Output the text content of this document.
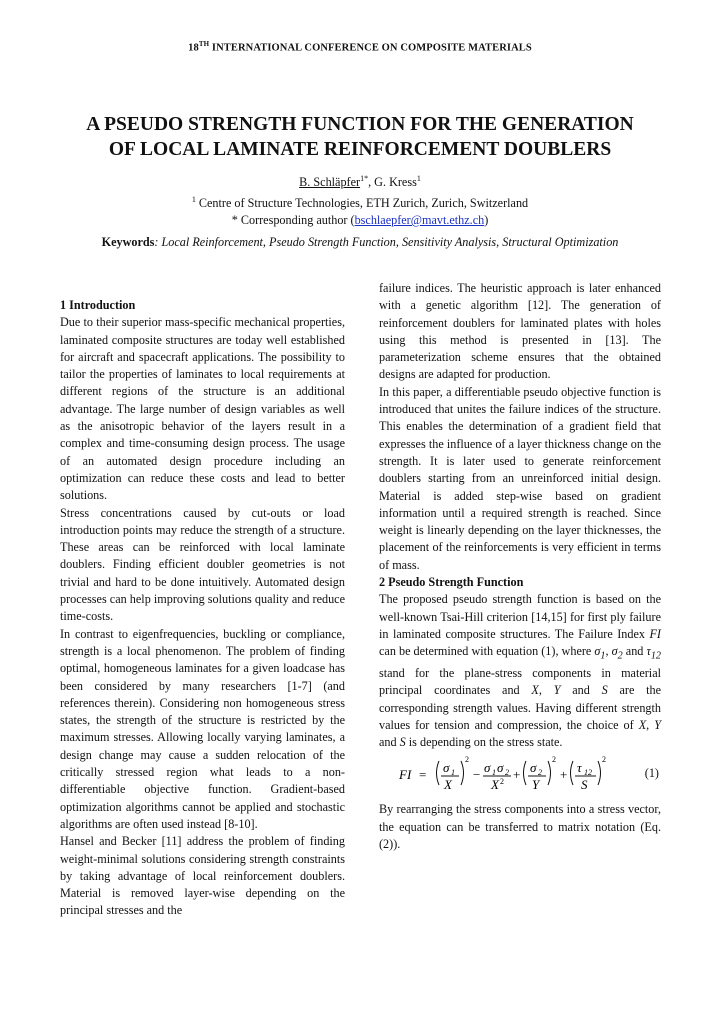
18TH INTERNATIONAL CONFERENCE ON COMPOSITE MATERIALS
A PSEUDO STRENGTH FUNCTION FOR THE GENERATION
OF LOCAL LAMINATE REINFORCEMENT DOUBLERS
B. Schläpfer$^{1*}$, G. Kress$^1$
$^1$ Centre of Structure Technologies, ETH Zurich, Zurich, Switzerland
* Corresponding author (bschlaepfer@mavt.ethz.ch)
Keywords: Local Reinforcement, Pseudo Strength Function, Sensitivity Analysis, Structural Optimization

1 Introduction

Due to their superior mass-specific mechanical properties, laminated composite structures are today well established for aircraft and spacecraft applications. The possibility to tailor the properties of laminates to local requirements at different regions of the structure is an additional advantage. The large number of design variables as well as the anisotropic behavior of the layers result in a complex and time-consuming design process. The usage of an automated design procedure including an optimization can reduce these costs and lead to better solutions.

Stress concentrations caused by cut-outs or load introduction points may reduce the strength of a structure. These areas can be reinforced with local laminate doublers. Finding efficient doubler geometries is not trivial and hard to be done intuitively. Automated design processes can help improving solutions quality and reduce time-costs.

In contrast to eigenfrequencies, buckling or compliance, strength is a local phenomenon. The problem of finding optimal, homogeneous laminates for a given loadcase has been considered by many researchers [1-7] (and references therein). Considering non homogeneous stress states, the strength of the structure is restricted by the maximum stresses. Allowing locally varying laminates, a design change may cause a sudden relocation of the critically stressed region what leads to a non-differentiable objective function. Gradient-based optimization algorithms cannot be applied and stochastic algorithms are often used instead [8-10].

Hansel and Becker [11] address the problem of finding weight-minimal solutions considering strength constraints by taking advantage of local reinforcement doublers. Material is removed layer-wise depending on the principal stresses and the

failure indices. The heuristic approach is later enhanced with a genetic algorithm [12]. The generation of reinforcement doublers for laminated plates with holes using this method is presented in [13]. The parameterization scheme ensures that the obtained designs are adapted for production.

In this paper, a differentiable pseudo objective function is introduced that unites the failure indices of the structure. This enables the determination of a gradient field that expresses the influence of a layer thickness change on the strength. It is later used to generate reinforcement doublers starting from an unreinforced initial design. Material is added step-wise based on gradient information until a required strength is reached. Since weight is linearly depending on the layer thicknesses, the placement of the reinforcements is very efficient in terms of mass.

2 Pseudo Strength Function

The proposed pseudo strength function is based on the well-known Tsai-Hill criterion [14,15] for first ply failure in laminated composite structures. The Failure Index FI can be determined with equation (1), where $\sigma_1$, $\sigma_2$ and $\tau_{12}$ stand for the plane-stress components in material principal coordinates and X, Y and S are the corresponding strength values. Having different strength values for tension and compression, the choice of X, Y and S is depending on the stress state.

FI = σ 1
X
2
− σ 1 σ 2
X 2 + σ 2
Y
2
+ τ 12
S
2
(1)

By rearranging the stress components into a stress vector, the equation can be transferred to matrix notation (Eq. (2)).
